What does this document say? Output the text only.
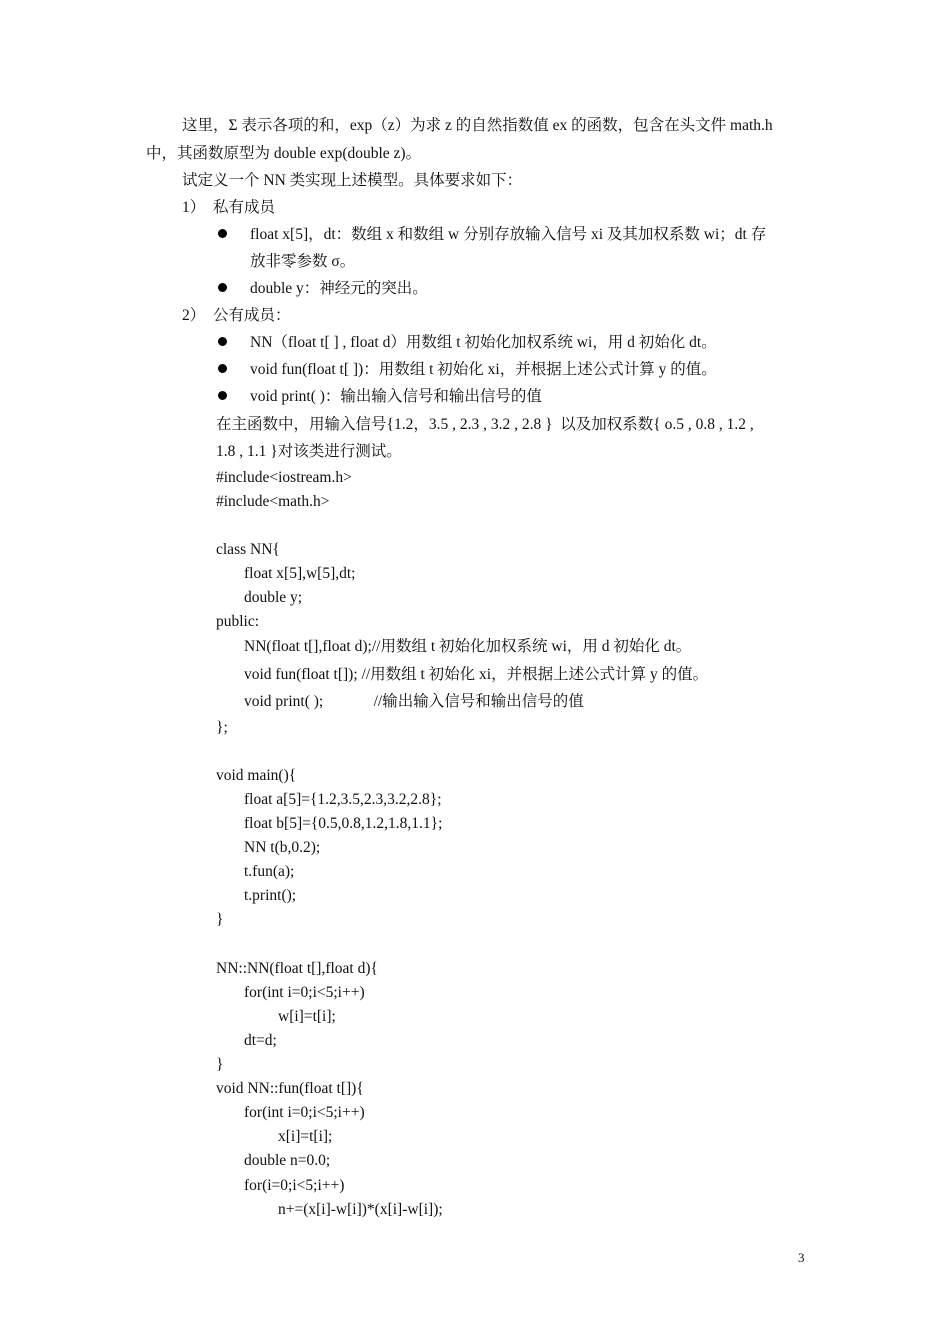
这里，Σ 表示各项的和，exp（z）为求 z 的自然指数值 ex 的函数，包含在头文件 math.h
中，其函数原型为 double exp(double z)。
试定义一个 NN 类实现上述模型。具体要求如下：
1）  私有成员
float x[5]，dt：数组 x 和数组 w 分别存放输入信号 xi 及其加权系数 wi；dt 存
放非零参数 σ。
double y：神经元的突出。
2）  公有成员：
NN（float t[ ] , float d）用数组 t 初始化加权系统 wi，用 d 初始化 dt。
void fun(float t[ ])：用数组 t 初始化 xi，并根据上述公式计算 y 的值。
void print( )：输出输入信号和输出信号的值
在主函数中，用输入信号{1.2，3.5 , 2.3 , 3.2 , 2.8 }  以及加权系数{ o.5 , 0.8 , 1.2 ,
1.8 , 1.1 }对该类进行测试。
#include<iostream.h>
#include<math.h>
class NN{
float x[5],w[5],dt;
double y;
public:
NN(float t[],float d);//用数组 t 初始化加权系统 wi，用 d 初始化 dt。
void fun(float t[]); //用数组 t 初始化 xi，并根据上述公式计算 y 的值。
void print( );             //输出输入信号和输出信号的值
};
void main(){
float a[5]={1.2,3.5,2.3,3.2,2.8};
float b[5]={0.5,0.8,1.2,1.8,1.1};
NN t(b,0.2);
t.fun(a);
t.print();
}
NN::NN(float t[],float d){
for(int i=0;i<5;i++)
w[i]=t[i];
dt=d;
}
void NN::fun(float t[]){
for(int i=0;i<5;i++)
x[i]=t[i];
double n=0.0;
for(i=0;i<5;i++)
n+=(x[i]-w[i])*(x[i]-w[i]);
3
